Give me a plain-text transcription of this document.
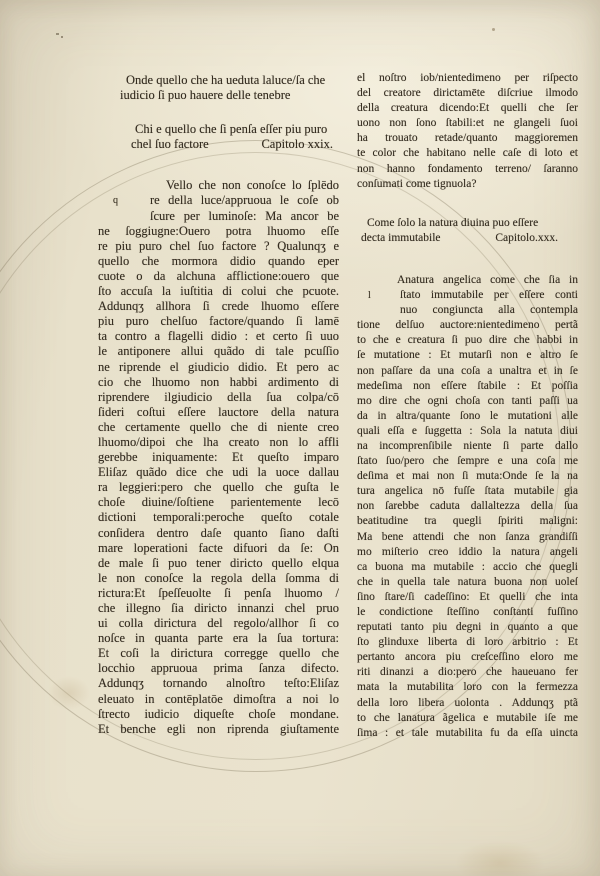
Onde quello che ha ueduta laluce/ſa che
iudicio ſi puo hauere delle tenebre
Chi e quello che ſi penſa eſſer piu puro
chel ſuo factore	Capitolo xxix.
Vello che non conoſce lo ſplēdo
q	re della luce/appruoua le coſe ob
ſcure per luminoſe: Ma ancor be
ne ſoggiugne:Ouero potra lhuomo eſſe
re piu puro chel ſuo factore ? Qualunqʒ e
quello che mormora didio quando eper
cuote o da alchuna afflictione:ouero que
ſto accuſa la iuſtitia di colui che pcuote.
Addunqʒ allhora ſi crede lhuomo eſſere
piu puro chelſuo factore/quando ſi lamē
ta contro a flagelli didio : et certo ſi uuo
le antiponere allui quãdo di tale pcuſſio
ne riprende el giudicio didio. Et pero ac
cio che lhuomo non habbi ardimento di
riprendere ilgiudicio della ſua colpa/cō
ſideri coſtui eſſere lauctore della natura
che certamente quello che di niente creo
lhuomo/dipoi che lha creato non lo affli
gerebbe iniquamente: Et queſto imparo
Eliſaz quãdo dice che udi la uoce dallau
ra leggieri:pero che quello che guſta le
choſe diuine/ſoſtiene parientemente lecō
dictioni temporali:peroche queſto cotale
conſidera dentro daſe quanto ſiano daſti
mare loperationi facte difuori da ſe: On
de male ſi puo tener diricto quello elqua
le non conoſce la regola della ſomma di
rictura:Et ſpeſſeuolte ſi penſa lhuomo /
che illegno ſia diricto innanzi chel pruo
ui colla dirictura del regolo/allhor ſi co
noſce in quanta parte era la ſua tortura:
Et coſi la dirictura corregge quello che
locchio appruoua prima ſanza difecto.
Addunqʒ tornando alnoſtro teſto:Eliſaz
eleuato in contēplatōe dimoſtra a noi lo
ſtrecto iudicio diqueſte choſe mondane.
Et benche egli non riprenda giuſtamente
el noſtro iob/nientedimeno per riſpecto
del creatore dirictamēte diſcriue ilmodo
della creatura dicendo:Et quelli che ſer
uono non ſono ſtabili:et ne glangeli ſuoi
ha trouato retade/quanto maggioremen
te color che habitano nelle caſe di loto et
non hanno fondamento terreno/ ſaranno
conſumati come tignuola?
Come ſolo la natura diuina puo eſſere
decta immutabile	Capitolo.xxx.
Anatura angelica come che ſia in
l	ſtato immutabile per eſſere conti
nuo congiuncta alla contempla
tione delſuo auctore:nientedimeno pertã
to che e creatura ſi puo dire che habbi in
ſe mutatione : Et mutarſi non e altro ſe
non paſſare da una coſa a unaltra et in ſe
medeſima non eſſere ſtabile : Et poſſia
mo dire che ogni choſa con tanti paſſi ua
da in altra/quante ſono le mutationi alle
quali eſſa e ſuggetta : Sola la natuta diui
na incomprenſibile niente ſi parte dallo
ſtato ſuo/pero che ſempre e una coſa me
deſima et mai non ſi muta:Onde ſe la na
tura angelica nō fuſſe ſtata mutabile gia
non ſarebbe caduta dallaltezza della ſua
beatitudine tra quegli ſpiriti maligni:
Ma bene attendi che non ſanza grandiſſi
mo miſterio creo iddio la natura angeli
ca buona ma mutabile : accio che quegli
che in quella tale natura buona non uoleſ
ſino ſtare/ſi cadeſſino: Et quelli che inta
le condictione ſteſſino conſtanti fuſſino
reputati tanto piu degni in quanto a que
ſto glinduxe liberta di loro arbitrio : Et
pertanto ancora piu creſceſſino eloro me
riti dinanzi a dio:pero che haueuano fer
mata la mutabilita loro con la fermezza
della loro libera uolonta . Addunqʒ ptã
to che lanatura ãgelica e mutabile iſe me
ſima : et tale mutabilita fu da eſſa uincta
